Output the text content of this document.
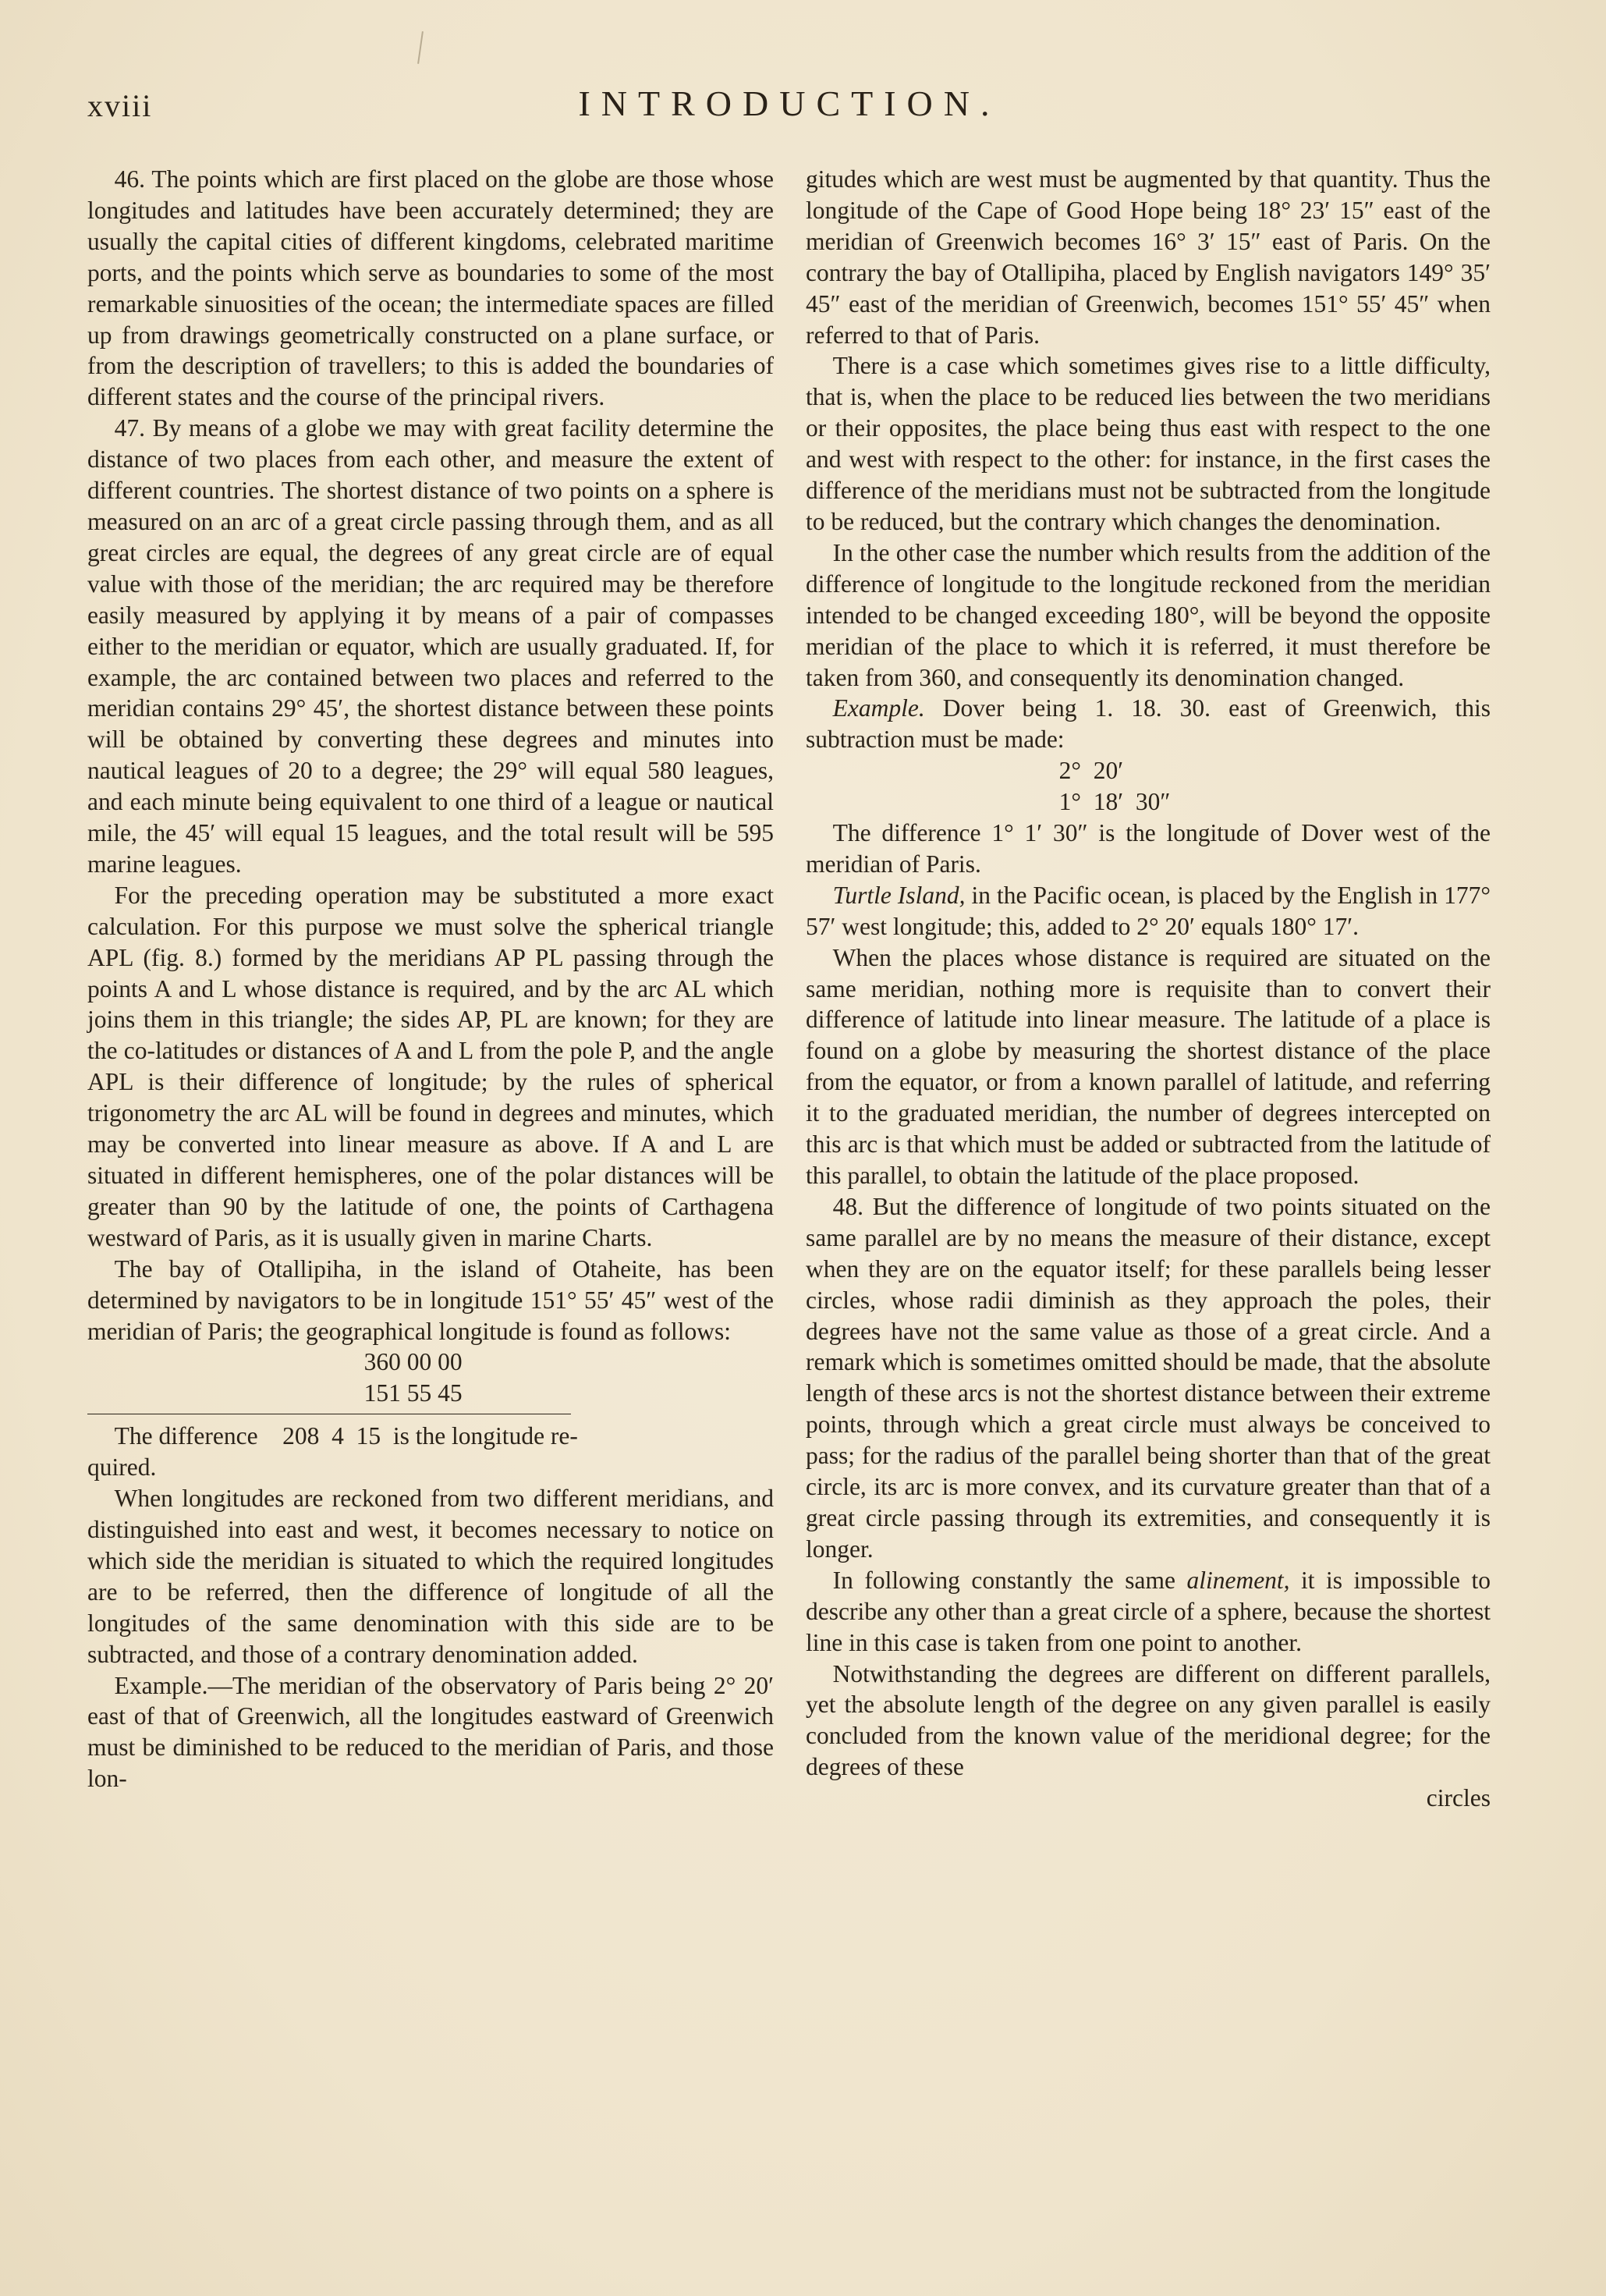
xviii	INTRODUCTION.

46. The points which are first placed on the globe are those whose longitudes and latitudes have been accurately determined; they are usually the capital cities of different kingdoms, celebrated maritime ports, and the points which serve as boundaries to some of the most remarkable sinuosities of the ocean; the intermediate spaces are filled up from drawings geometrically constructed on a plane surface, or from the description of travellers; to this is added the boundaries of different states and the course of the principal rivers.

47. By means of a globe we may with great facility determine the distance of two places from each other, and measure the extent of different countries. The shortest distance of two points on a sphere is measured on an arc of a great circle passing through them, and as all great circles are equal, the degrees of any great circle are of equal value with those of the meridian; the arc required may be therefore easily measured by applying it by means of a pair of compasses either to the meridian or equator, which are usually graduated. If, for example, the arc contained between two places and referred to the meridian contains 29° 45′, the shortest distance between these points will be obtained by converting these degrees and minutes into nautical leagues of 20 to a degree; the 29° will equal 580 leagues, and each minute being equivalent to one third of a league or nautical mile, the 45′ will equal 15 leagues, and the total result will be 595 marine leagues.

For the preceding operation may be substituted a more exact calculation. For this purpose we must solve the spherical triangle APL (fig. 8.) formed by the meridians AP PL passing through the points A and L whose distance is required, and by the arc AL which joins them in this triangle; the sides AP, PL are known; for they are the co-latitudes or distances of A and L from the pole P, and the angle APL is their difference of longitude; by the rules of spherical trigonometry the arc AL will be found in degrees and minutes, which may be converted into linear measure as above. If A and L are situated in different hemispheres, one of the polar distances will be greater than 90 by the latitude of one, the points of Carthagena westward of Paris, as it is usually given in marine Charts.

The bay of Otallipiha, in the island of Otaheite, has been determined by navigators to be in longitude 151° 55′ 45″ west of the meridian of Paris; the geographical longitude is found as follows:

360 00 00

151 55 45

The difference    208  4  15  is the longitude re-

quired.

When longitudes are reckoned from two different meridians, and distinguished into east and west, it becomes necessary to notice on which side the meridian is situated to which the required longitudes are to be referred, then the difference of longitude of all the longitudes of the same denomination with this side are to be subtracted, and those of a contrary denomination added.

Example.—The meridian of the observatory of Paris being 2° 20′ east of that of Greenwich, all the longitudes eastward of Greenwich must be diminished to be reduced to the meridian of Paris, and those lon-

gitudes which are west must be augmented by that quantity. Thus the longitude of the Cape of Good Hope being 18° 23′ 15″ east of the meridian of Greenwich becomes 16° 3′ 15″ east of Paris. On the contrary the bay of Otallipiha, placed by English navigators 149° 35′ 45″ east of the meridian of Greenwich, becomes 151° 55′ 45″ when referred to that of Paris.

There is a case which sometimes gives rise to a little difficulty, that is, when the place to be reduced lies between the two meridians or their opposites, the place being thus east with respect to the one and west with respect to the other: for instance, in the first cases the difference of the meridians must not be subtracted from the longitude to be reduced, but the contrary which changes the denomination.

In the other case the number which results from the addition of the difference of longitude to the longitude reckoned from the meridian intended to be changed exceeding 180°, will be beyond the opposite meridian of the place to which it is referred, it must therefore be taken from 360, and consequently its denomination changed.

Example. Dover being 1. 18. 30. east of Greenwich, this subtraction must be made:

2°  20′

1°  18′  30″

The difference 1° 1′ 30″ is the longitude of Dover west of the meridian of Paris.

Turtle Island, in the Pacific ocean, is placed by the English in 177° 57′ west longitude; this, added to 2° 20′ equals 180° 17′.

When the places whose distance is required are situated on the same meridian, nothing more is requisite than to convert their difference of latitude into linear measure. The latitude of a place is found on a globe by measuring the shortest distance of the place from the equator, or from a known parallel of latitude, and referring it to the graduated meridian, the number of degrees intercepted on this arc is that which must be added or subtracted from the latitude of this parallel, to obtain the latitude of the place proposed.

48. But the difference of longitude of two points situated on the same parallel are by no means the measure of their distance, except when they are on the equator itself; for these parallels being lesser circles, whose radii diminish as they approach the poles, their degrees have not the same value as those of a great circle. And a remark which is sometimes omitted should be made, that the absolute length of these arcs is not the shortest distance between their extreme points, through which a great circle must always be conceived to pass; for the radius of the parallel being shorter than that of the great circle, its arc is more convex, and its curvature greater than that of a great circle passing through its extremities, and consequently it is longer.

In following constantly the same alinement, it is impossible to describe any other than a great circle of a sphere, because the shortest line in this case is taken from one point to another.

Notwithstanding the degrees are different on different parallels, yet the absolute length of the degree on any given parallel is easily concluded from the known value of the meridional degree; for the degrees of these

circles
